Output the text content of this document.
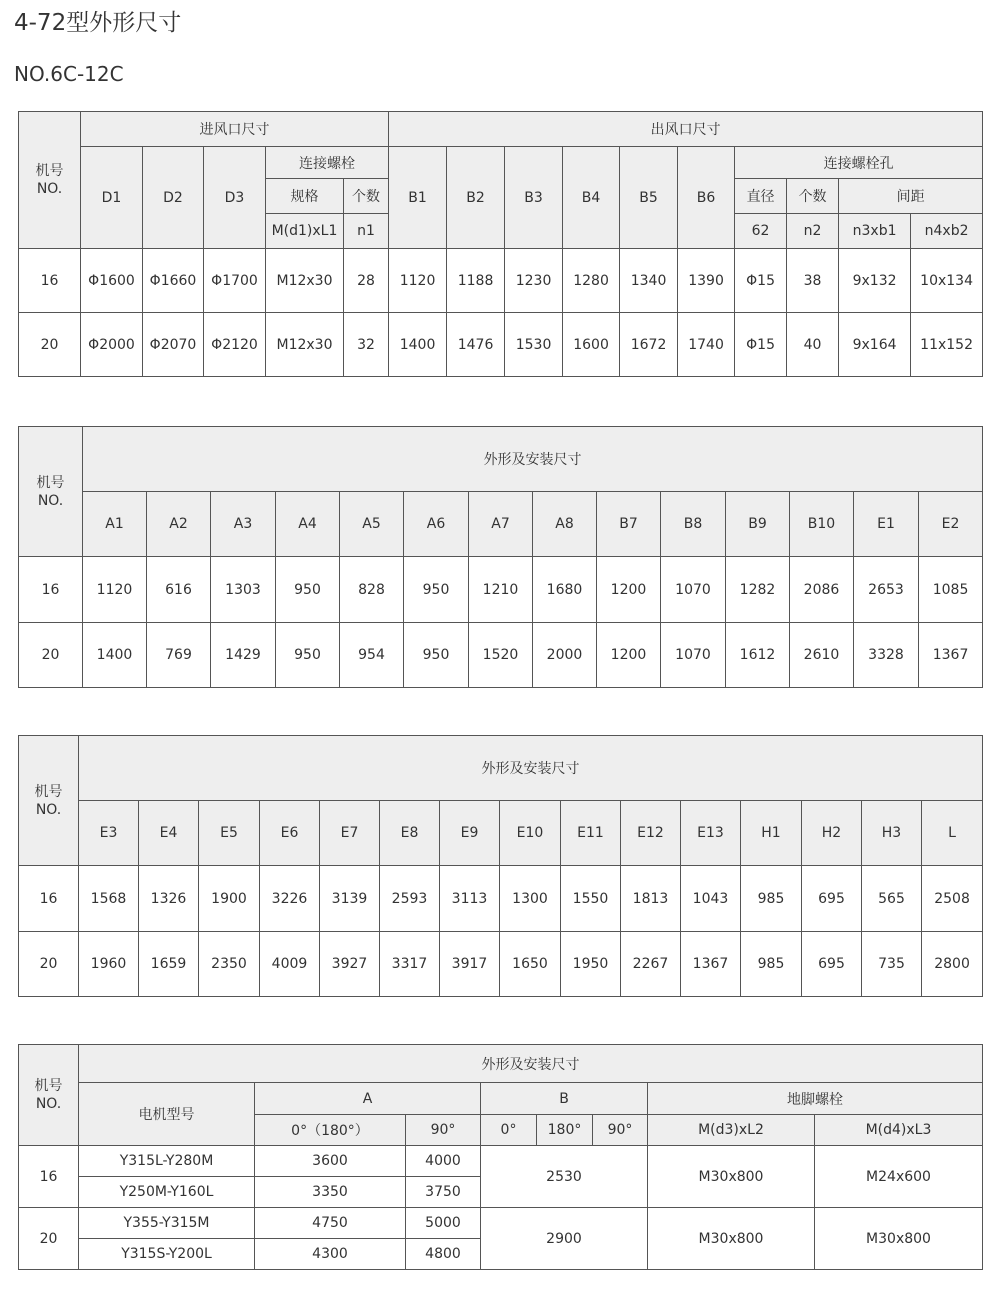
4-72型外形尺寸
NO.6C-12C
机号
NO.	进风口尺寸					出风口尺寸									
	D1	D2	D3	连接螺栓		B1	B2	B3	B4	B5	B6	连接螺栓孔			
				规格	个数							直径	个数	间距	
				M(d1)xL1	n1							62	n2	n3xb1	n4xb2
16	Φ1600	Φ1660	Φ1700	M12x30	28	1120	1188	1230	1280	1340	1390	Φ15	38	9x132	10x134
20	Φ2000	Φ2070	Φ2120	M12x30	32	1400	1476	1530	1600	1672	1740	Φ15	40	9x164	11x152
机号
NO.	外形及安装尺寸													
	A1	A2	A3	A4	A5	A6	A7	A8	B7	B8	B9	B10	E1	E2
16	1120	616	1303	950	828	950	1210	1680	1200	1070	1282	2086	2653	1085
20	1400	769	1429	950	954	950	1520	2000	1200	1070	1612	2610	3328	1367
机号
NO.	外形及安装尺寸														
	E3	E4	E5	E6	E7	E8	E9	E10	E11	E12	E13	H1	H2	H3	L
16	1568	1326	1900	3226	3139	2593	3113	1300	1550	1813	1043	985	695	565	2508
20	1960	1659	2350	4009	3927	3317	3917	1650	1950	2267	1367	985	695	735	2800
机号
NO.	外形及安装尺寸							
	电机型号	A		B			地脚螺栓	
		0°（180°）	90°	0°	180°	90°	M(d3)xL2	M(d4)xL3
16	Y315L-Y280M	3600	4000	2530			M30x800	M24x600
	Y250M-Y160L	3350	3750					
20	Y355-Y315M	4750	5000	2900			M30x800	M30x800
	Y315S-Y200L	4300	4800					
